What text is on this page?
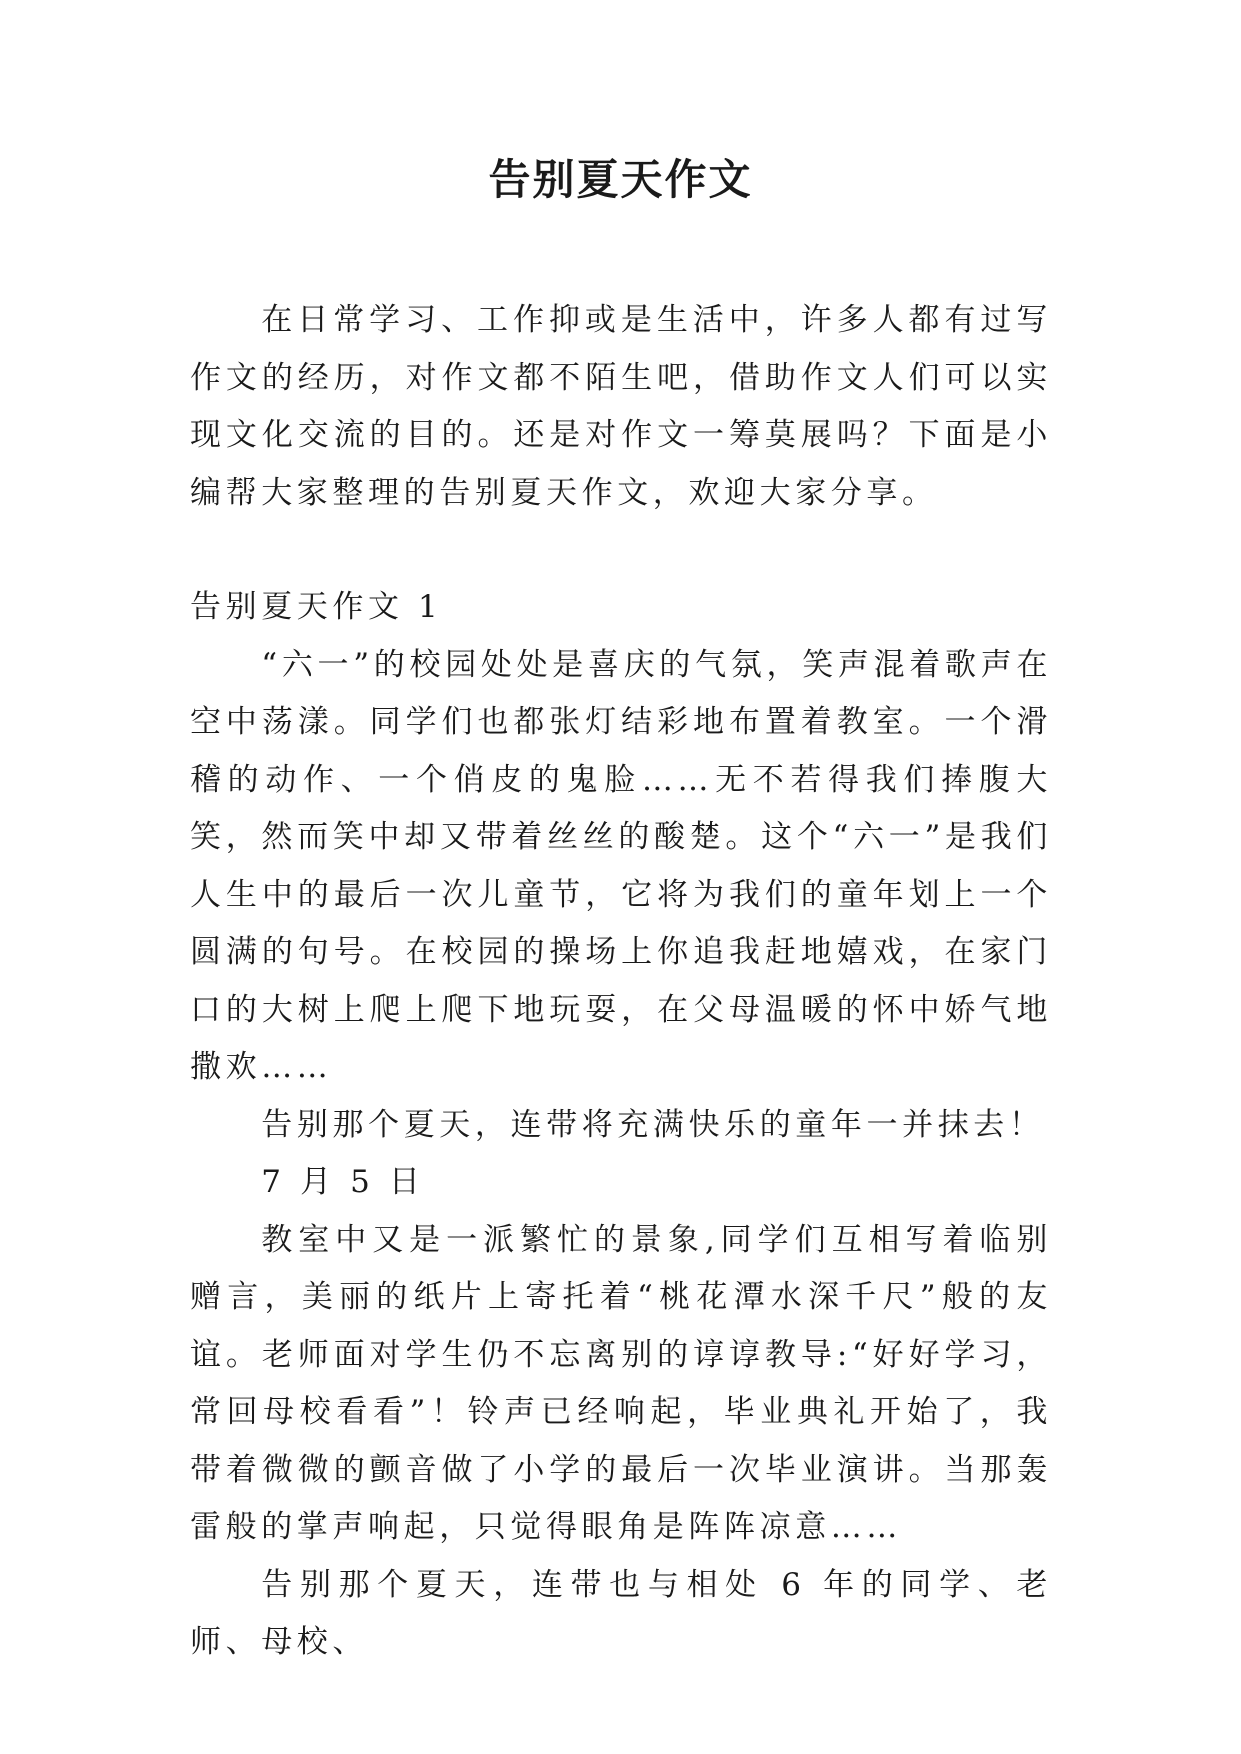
告别夏天作文

在日常学习、工作抑或是生活中，许多人都有过写作文的经历，对作文都不陌生吧，借助作文人们可以实现文化交流的目的。还是对作文一筹莫展吗？下面是小编帮大家整理的告别夏天作文，欢迎大家分享。

告别夏天作文 1

“六一”的校园处处是喜庆的气氛，笑声混着歌声在空中荡漾。同学们也都张灯结彩地布置着教室。一个滑稽的动作、一个俏皮的鬼脸……无不若得我们捧腹大笑，然而笑中却又带着丝丝的酸楚。这个“六一”是我们人生中的最后一次儿童节，它将为我们的童年划上一个圆满的句号。在校园的操场上你追我赶地嬉戏，在家门口的大树上爬上爬下地玩耍，在父母温暖的怀中娇气地撒欢……

告别那个夏天，连带将充满快乐的童年一并抹去！

7 月 5 日

教室中又是一派繁忙的景象,同学们互相写着临别赠言，美丽的纸片上寄托着“桃花潭水深千尺”般的友谊。老师面对学生仍不忘离别的谆谆教导:“好好学习，常回母校看看”！铃声已经响起，毕业典礼开始了，我带着微微的颤音做了小学的最后一次毕业演讲。当那轰雷般的掌声响起，只觉得眼角是阵阵凉意……

告别那个夏天，连带也与相处 6 年的同学、老师、母校、
